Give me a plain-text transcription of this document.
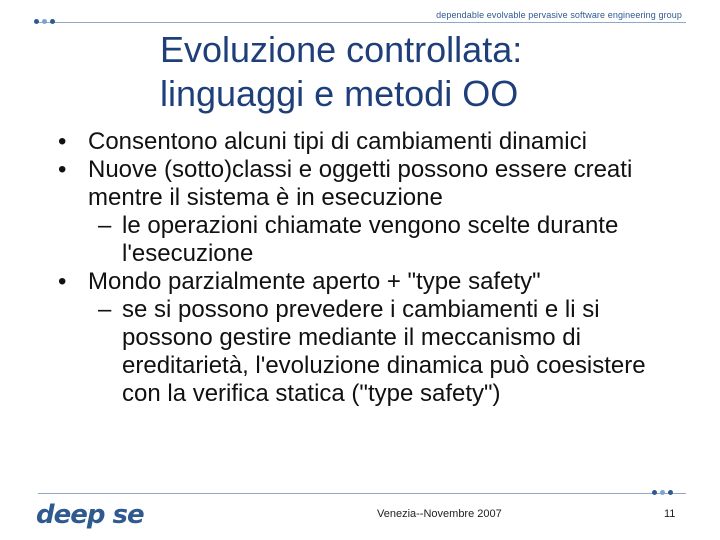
dependable evolvable pervasive software engineering group
Evoluzione controllata:
linguaggi e metodi OO
• Consentono alcuni tipi di cambiamenti dinamici
• Nuove (sotto)classi e oggetti possono essere creati mentre il sistema è in esecuzione
– le operazioni chiamate vengono scelte durante l'esecuzione
• Mondo parzialmente aperto + "type safety"
– se si possono prevedere i cambiamenti e li si possono gestire mediante il meccanismo di ereditarietà, l'evoluzione dinamica può coesistere con la verifica statica ("type safety")
deep se	Venezia--Novembre 2007	11
